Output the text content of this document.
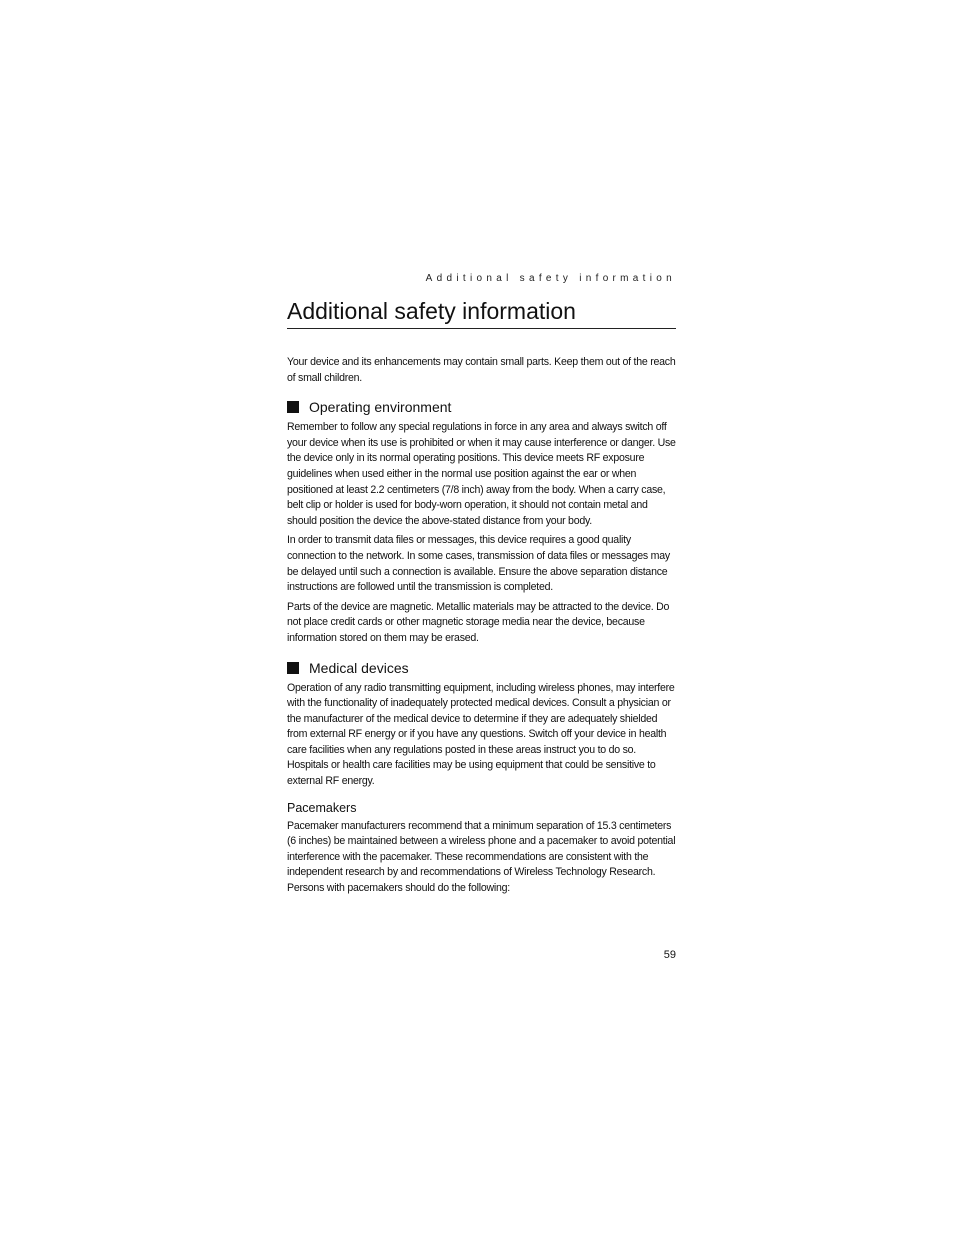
Additional safety information
Additional safety information

Your device and its enhancements may contain small parts. Keep them out of the reach of small children.

Operating environment

Remember to follow any special regulations in force in any area and always switch off your device when its use is prohibited or when it may cause interference or danger. Use the device only in its normal operating positions. This device meets RF exposure guidelines when used either in the normal use position against the ear or when positioned at least 2.2 centimeters (7/8 inch) away from the body. When a carry case, belt clip or holder is used for body-worn operation, it should not contain metal and should position the device the above-stated distance from your body.

In order to transmit data files or messages, this device requires a good quality connection to the network. In some cases, transmission of data files or messages may be delayed until such a connection is available. Ensure the above separation distance instructions are followed until the transmission is completed.

Parts of the device are magnetic. Metallic materials may be attracted to the device. Do not place credit cards or other magnetic storage media near the device, because information stored on them may be erased.

Medical devices

Operation of any radio transmitting equipment, including wireless phones, may interfere with the functionality of inadequately protected medical devices. Consult a physician or the manufacturer of the medical device to determine if they are adequately shielded from external RF energy or if you have any questions. Switch off your device in health care facilities when any regulations posted in these areas instruct you to do so. Hospitals or health care facilities may be using equipment that could be sensitive to external RF energy.

Pacemakers

Pacemaker manufacturers recommend that a minimum separation of 15.3 centimeters (6 inches) be maintained between a wireless phone and a pacemaker to avoid potential interference with the pacemaker. These recommendations are consistent with the independent research by and recommendations of Wireless Technology Research. Persons with pacemakers should do the following:

59
